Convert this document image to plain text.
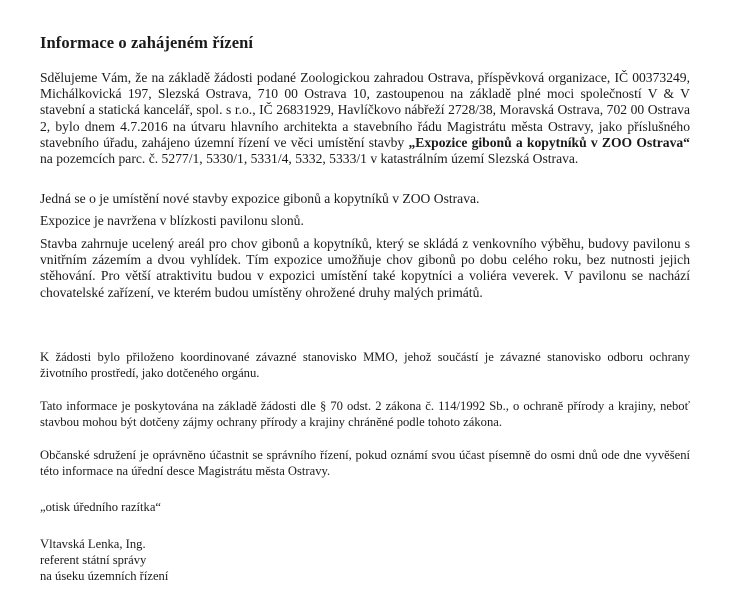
Informace o zahájeném řízení
Sdělujeme Vám, že na základě žádosti podané Zoologickou zahradou Ostrava, příspěvková organizace, IČ 00373249, Michálkovická 197, Slezská Ostrava, 710 00 Ostrava 10, zastoupenou na základě plné moci společností V & V stavební a statická kancelář, spol. s r.o., IČ 26831929, Havlíčkovo nábřeží 2728/38, Moravská Ostrava, 702 00 Ostrava 2, bylo dnem 4.7.2016 na útvaru hlavního architekta a stavebního řádu Magistrátu města Ostravy, jako příslušného stavebního úřadu, zahájeno územní řízení ve věci umístění stavby „Expozice gibonů a kopytníků v ZOO Ostrava“ na pozemcích parc. č. 5277/1, 5330/1, 5331/4, 5332, 5333/1 v katastrálním území Slezská Ostrava.
Jedná se o je umístění nové stavby expozice gibonů a kopytníků v ZOO Ostrava.
Expozice je navržena v blízkosti pavilonu slonů.
Stavba zahrnuje ucelený areál pro chov gibonů a kopytníků, který se skládá z venkovního výběhu, budovy pavilonu s vnitřním zázemím a dvou vyhlídek. Tím expozice umožňuje chov gibonů po dobu celého roku, bez nutnosti jejich stěhování. Pro větší atraktivitu budou v expozici umístění také kopytníci a voliéra veverek. V pavilonu se nachází chovatelské zařízení, ve kterém budou umístěny ohrožené druhy malých primátů.
K žádosti bylo přiloženo koordinované závazné stanovisko MMO, jehož součástí je závazné stanovisko odboru ochrany životního prostředí, jako dotčeného orgánu.
Tato informace je poskytována na základě žádosti dle § 70 odst. 2 zákona č. 114/1992 Sb., o ochraně přírody a krajiny, neboť stavbou mohou být dotčeny zájmy ochrany přírody a krajiny chráněné podle tohoto zákona.
Občanské sdružení je oprávněno účastnit se správního řízení, pokud oznámí svou účast písemně do osmi dnů ode dne vyvěšení této informace na úřední desce Magistrátu města Ostravy.
„otisk úředního razítka“
Vltavská Lenka, Ing.
referent státní správy
na úseku územních řízení
